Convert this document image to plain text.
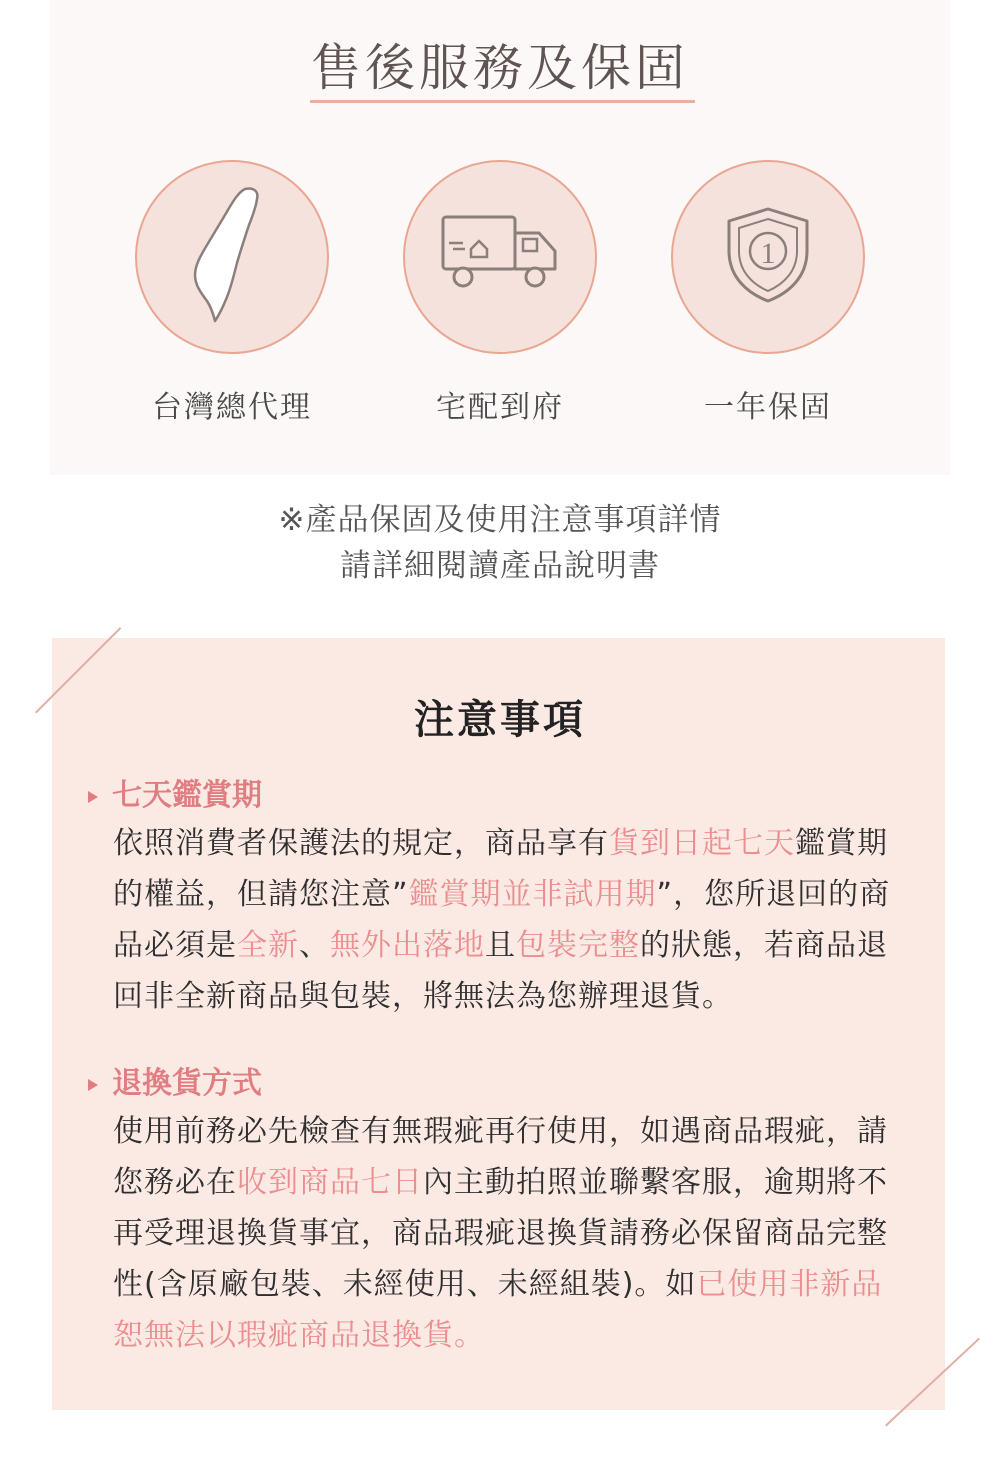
售後服務及保固
台灣總代理	宅配到府
1
一年保固
※產品保固及使用注意事項詳情
請詳細閱讀產品說明書
注意事項
七天鑑賞期

依照消費者保護法的規定，商品享有貨到日起七天鑑賞期的權益，但請您注意”鑑賞期並非試用期”，您所退回的商品必須是全新、無外出落地且包裝完整的狀態，若商品退回非全新商品與包裝，將無法為您辦理退貨。

退換貨方式

使用前務必先檢查有無瑕疵再行使用，如遇商品瑕疵，請您務必在收到商品七日內主動拍照並聯繫客服，逾期將不再受理退換貨事宜，商品瑕疵退換貨請務必保留商品完整性(含原廠包裝、未經使用、未經組裝)。如已使用非新品恕無法以瑕疵商品退換貨。
